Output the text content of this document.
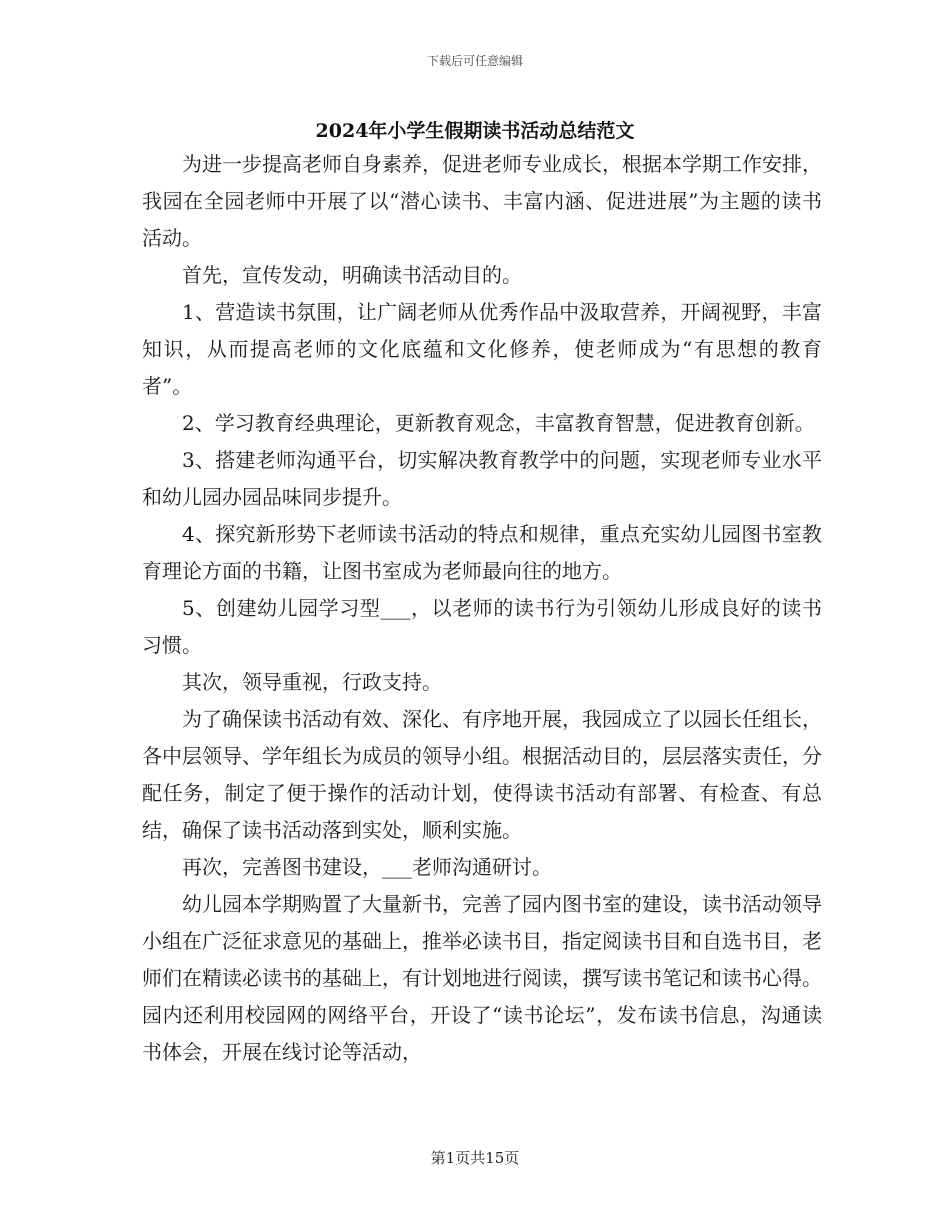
下载后可任意编辑
2024年小学生假期读书活动总结范文

为进一步提高老师自身素养，促进老师专业成长，根据本学期工作安排，我园在全园老师中开展了以“潜心读书、丰富内涵、促进进展”为主题的读书活动。

首先，宣传发动，明确读书活动目的。

1、营造读书氛围，让广阔老师从优秀作品中汲取营养，开阔视野，丰富知识，从而提高老师的文化底蕴和文化修养，使老师成为“有思想的教育者”。

2、学习教育经典理论，更新教育观念，丰富教育智慧，促进教育创新。

3、搭建老师沟通平台，切实解决教育教学中的问题，实现老师专业水平和幼儿园办园品味同步提升。

4、探究新形势下老师读书活动的特点和规律，重点充实幼儿园图书室教育理论方面的书籍，让图书室成为老师最向往的地方。

5、创建幼儿园学习型___，以老师的读书行为引领幼儿形成良好的读书习惯。

其次，领导重视，行政支持。

为了确保读书活动有效、深化、有序地开展，我园成立了以园长任组长，各中层领导、学年组长为成员的领导小组。根据活动目的，层层落实责任，分配任务，制定了便于操作的活动计划，使得读书活动有部署、有检查、有总结，确保了读书活动落到实处，顺利实施。

再次，完善图书建设，___老师沟通研讨。

幼儿园本学期购置了大量新书，完善了园内图书室的建设，读书活动领导小组在广泛征求意见的基础上，推举必读书目，指定阅读书目和自选书目，老师们在精读必读书的基础上，有计划地进行阅读，撰写读书笔记和读书心得。园内还利用校园网的网络平台，开设了“读书论坛”，发布读书信息，沟通读书体会，开展在线讨论等活动，

第1页共15页
